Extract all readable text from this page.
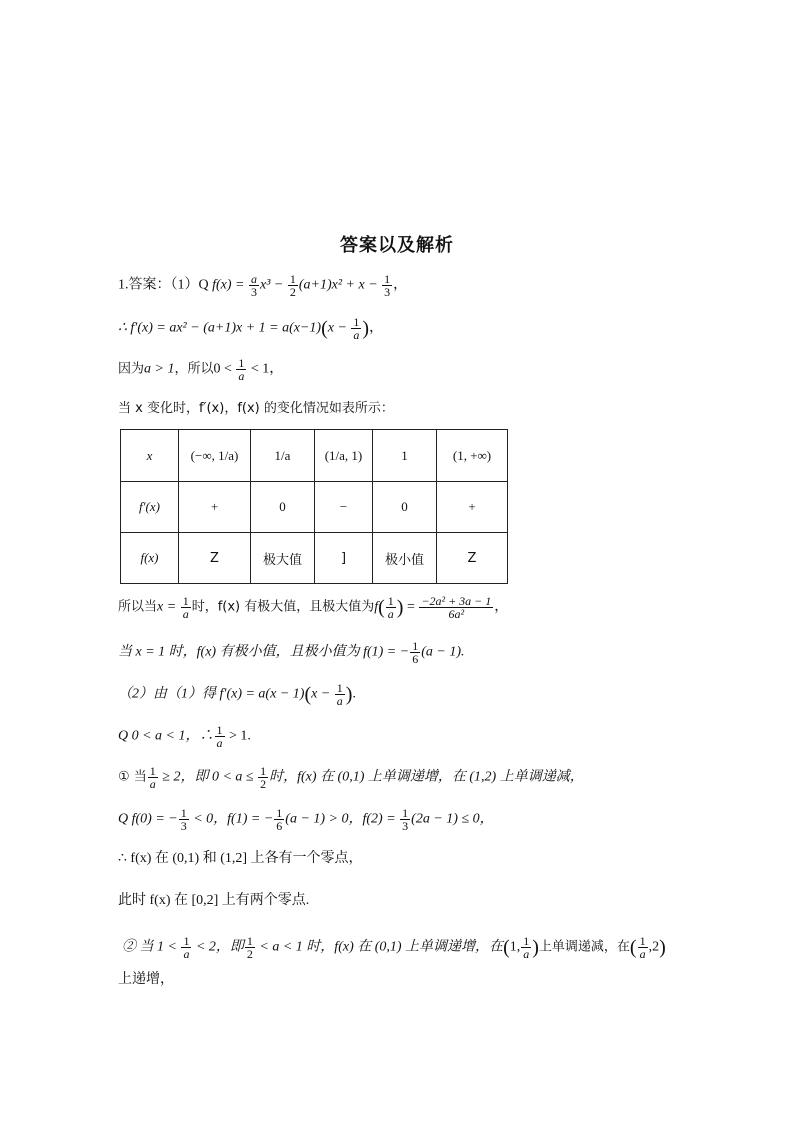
答案以及解析
1.答案：（1）Q $f(x) = \frac{a}{3} x^3 - \frac{1}{2} (a+1)x^2 + x - \frac{1}{3}$ ，
∴ $f'(x) = ax^2 - (a+1)x + 1 = a(x-1)(x - \frac{1}{a}$ )，
因为a > 1，所以$0 < \frac{1}{a} < 1$，
当 x 变化时，f′(x)，f(x) 的变化情况如表所示：
x	(−∞, 1/a)	1/a	(1/a, 1)	1	(1, +∞)
f′(x)	+	0	−	0	+
f(x)	Z	极大值	]	极小值	Z
所以当$x = \frac{1}{a}$ 时，f(x) 有极大值，且极大值为$f( \frac{1}{a}$ ) = $\frac{\text{−2a² + 3a − 1}}{\text{6a²}}$ ，
当 x = 1 时，f(x) 有极小值，且极小值为 f(1) = − $\frac{1}{6} (a - 1)$.
（2）由（1）得 $f'(x) = a(x - 1)(x - \frac{1}{a}$ ).
Q 0 < a < 1，∴ $\frac{1}{a} > 1$.
① 当 $\frac{1}{a} \ge 2$，即 $0 < a \le \frac{1}{2}$ 时，f(x) 在 (0,1) 上单调递增，在 (1,2) 上单调递减，
Q f(0) = − $\frac{1}{3} < 0$，f(1) = − $\frac{1}{6} (a - 1) > 0$，$f(2) = \frac{1}{3} (2a - 1) \le 0$，
∴ f(x) 在 (0,1) 和 (1,2] 上各有一个零点，
此时 f(x) 在 [0,2] 上有两个零点.
② 当 $1 < \frac{1}{a} < 2$，即 $\frac{1}{2} < a < 1$ 时，f(x) 在 (0,1) 上单调递增，在(1, $\frac{1}{a}$ )上单调递减，在( $\frac{1}{a} ,2$)
上递增，
